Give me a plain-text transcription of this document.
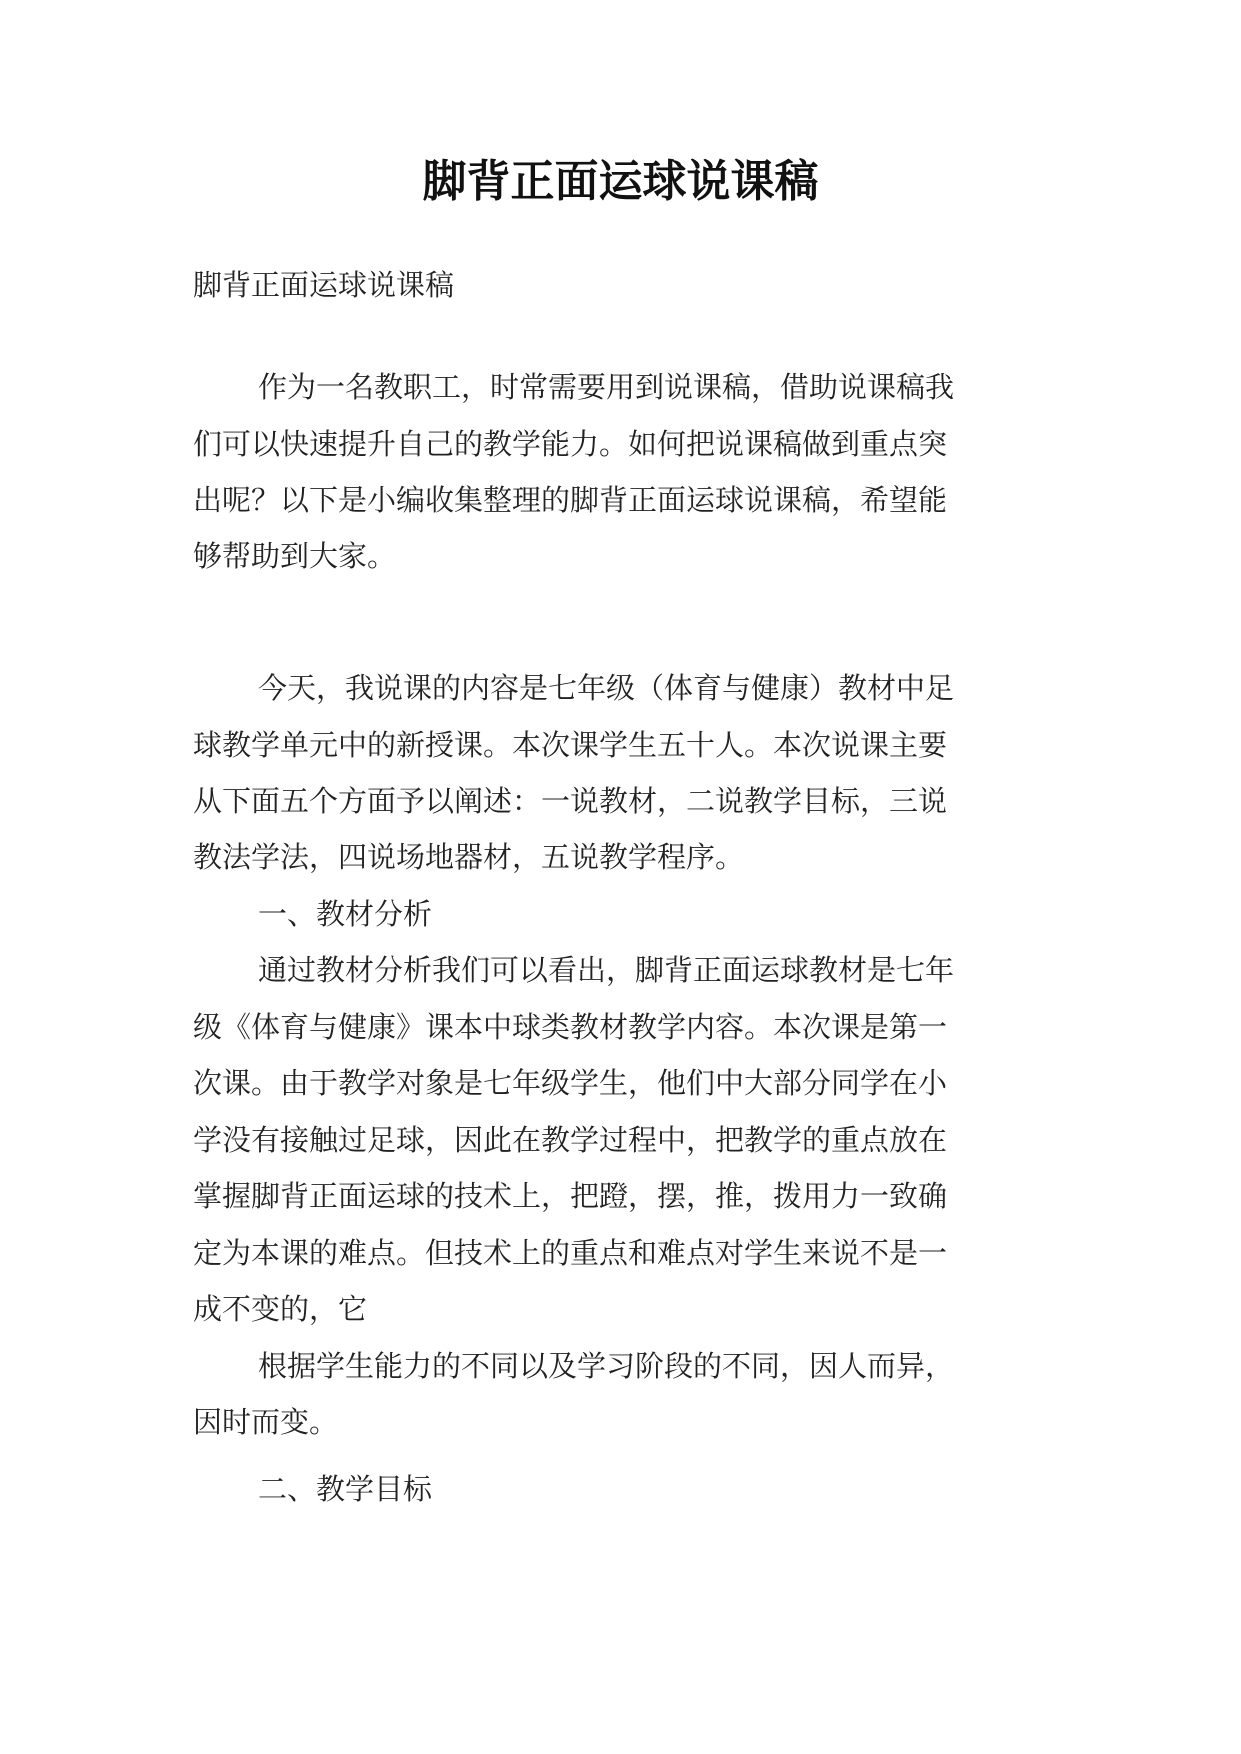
脚背正面运球说课稿
脚背正面运球说课稿
作为一名教职工，时常需要用到说课稿，借助说课稿我
们可以快速提升自己的教学能力。如何把说课稿做到重点突
出呢？以下是小编收集整理的脚背正面运球说课稿，希望能
够帮助到大家。
今天，我说课的内容是七年级（体育与健康）教材中足
球教学单元中的新授课。本次课学生五十人。本次说课主要
从下面五个方面予以阐述：一说教材，二说教学目标，三说
教法学法，四说场地器材，五说教学程序。
一、教材分析
通过教材分析我们可以看出，脚背正面运球教材是七年
级《体育与健康》课本中球类教材教学内容。本次课是第一
次课。由于教学对象是七年级学生，他们中大部分同学在小
学没有接触过足球，因此在教学过程中，把教学的重点放在
掌握脚背正面运球的技术上，把蹬，摆，推，拨用力一致确
定为本课的难点。但技术上的重点和难点对学生来说不是一
成不变的，它
根据学生能力的不同以及学习阶段的不同，因人而异，
因时而变。
二、教学目标
